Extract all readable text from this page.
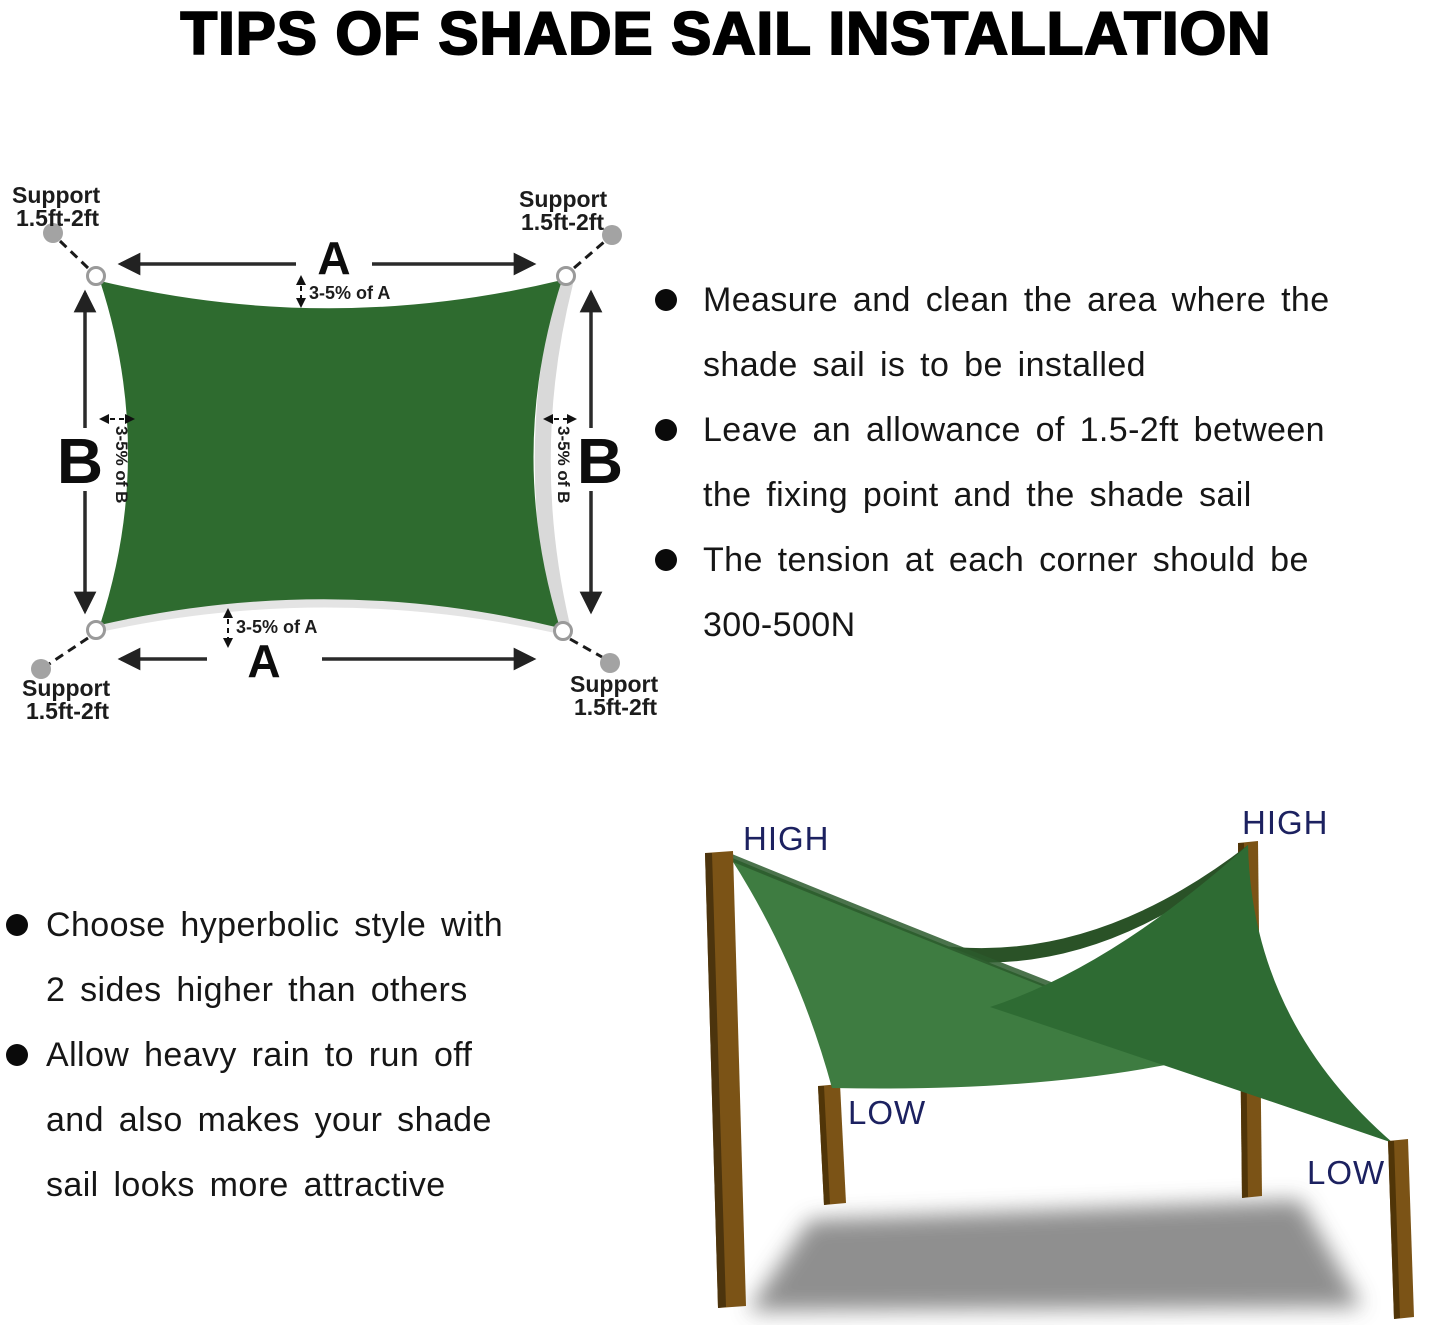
TIPS OF SHADE SAIL INSTALLATION
Support
1.5ft-2ft
Support
1.5ft-2ft
Support
1.5ft-2ft
Support
1.5ft-2ft
A
3-5% of A
A
3-5% of A
B 3-5% of B	B
3-5% of B
Measure and clean the area where the
shade sail is to be installed
Leave an allowance of 1.5-2ft between
the fixing point and the shade sail
The tension at each corner should be
300-500N
Choose hyperbolic style with
2 sides higher than others
Allow heavy rain to run off
and also makes your shade
sail looks more attractive
HIGH	HIGH
LOW
LOW
